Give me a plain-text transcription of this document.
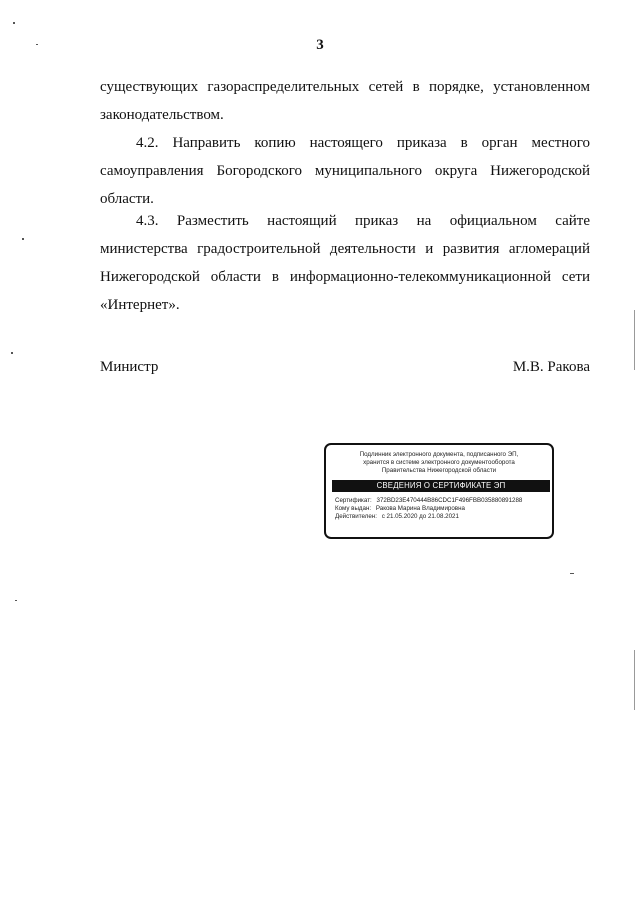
3

существующих газораспределительных сетей в порядке, установленном законодательством.

4.2. Направить копию настоящего приказа в орган местного самоуправления Богородского муниципального округа Нижегородской области.

4.3. Разместить настоящий приказ на официальном сайте министерства градостроительной деятельности и развития агломераций Нижегородской области в информационно-телекоммуникационной сети «Интернет».

Министр	М.В. Ракова
Подлинник электронного документа, подписанного ЭП,
хранится в системе электронного документооборота
Правительства Нижегородской области
СВЕДЕНИЯ О СЕРТИФИКАТЕ ЭП
Сертификат: 372BD23E470444B86CDC1F496FBB035880891288
Кому выдан: Ракова Марина Владимировна
Действителен: с 21.05.2020 до 21.08.2021
